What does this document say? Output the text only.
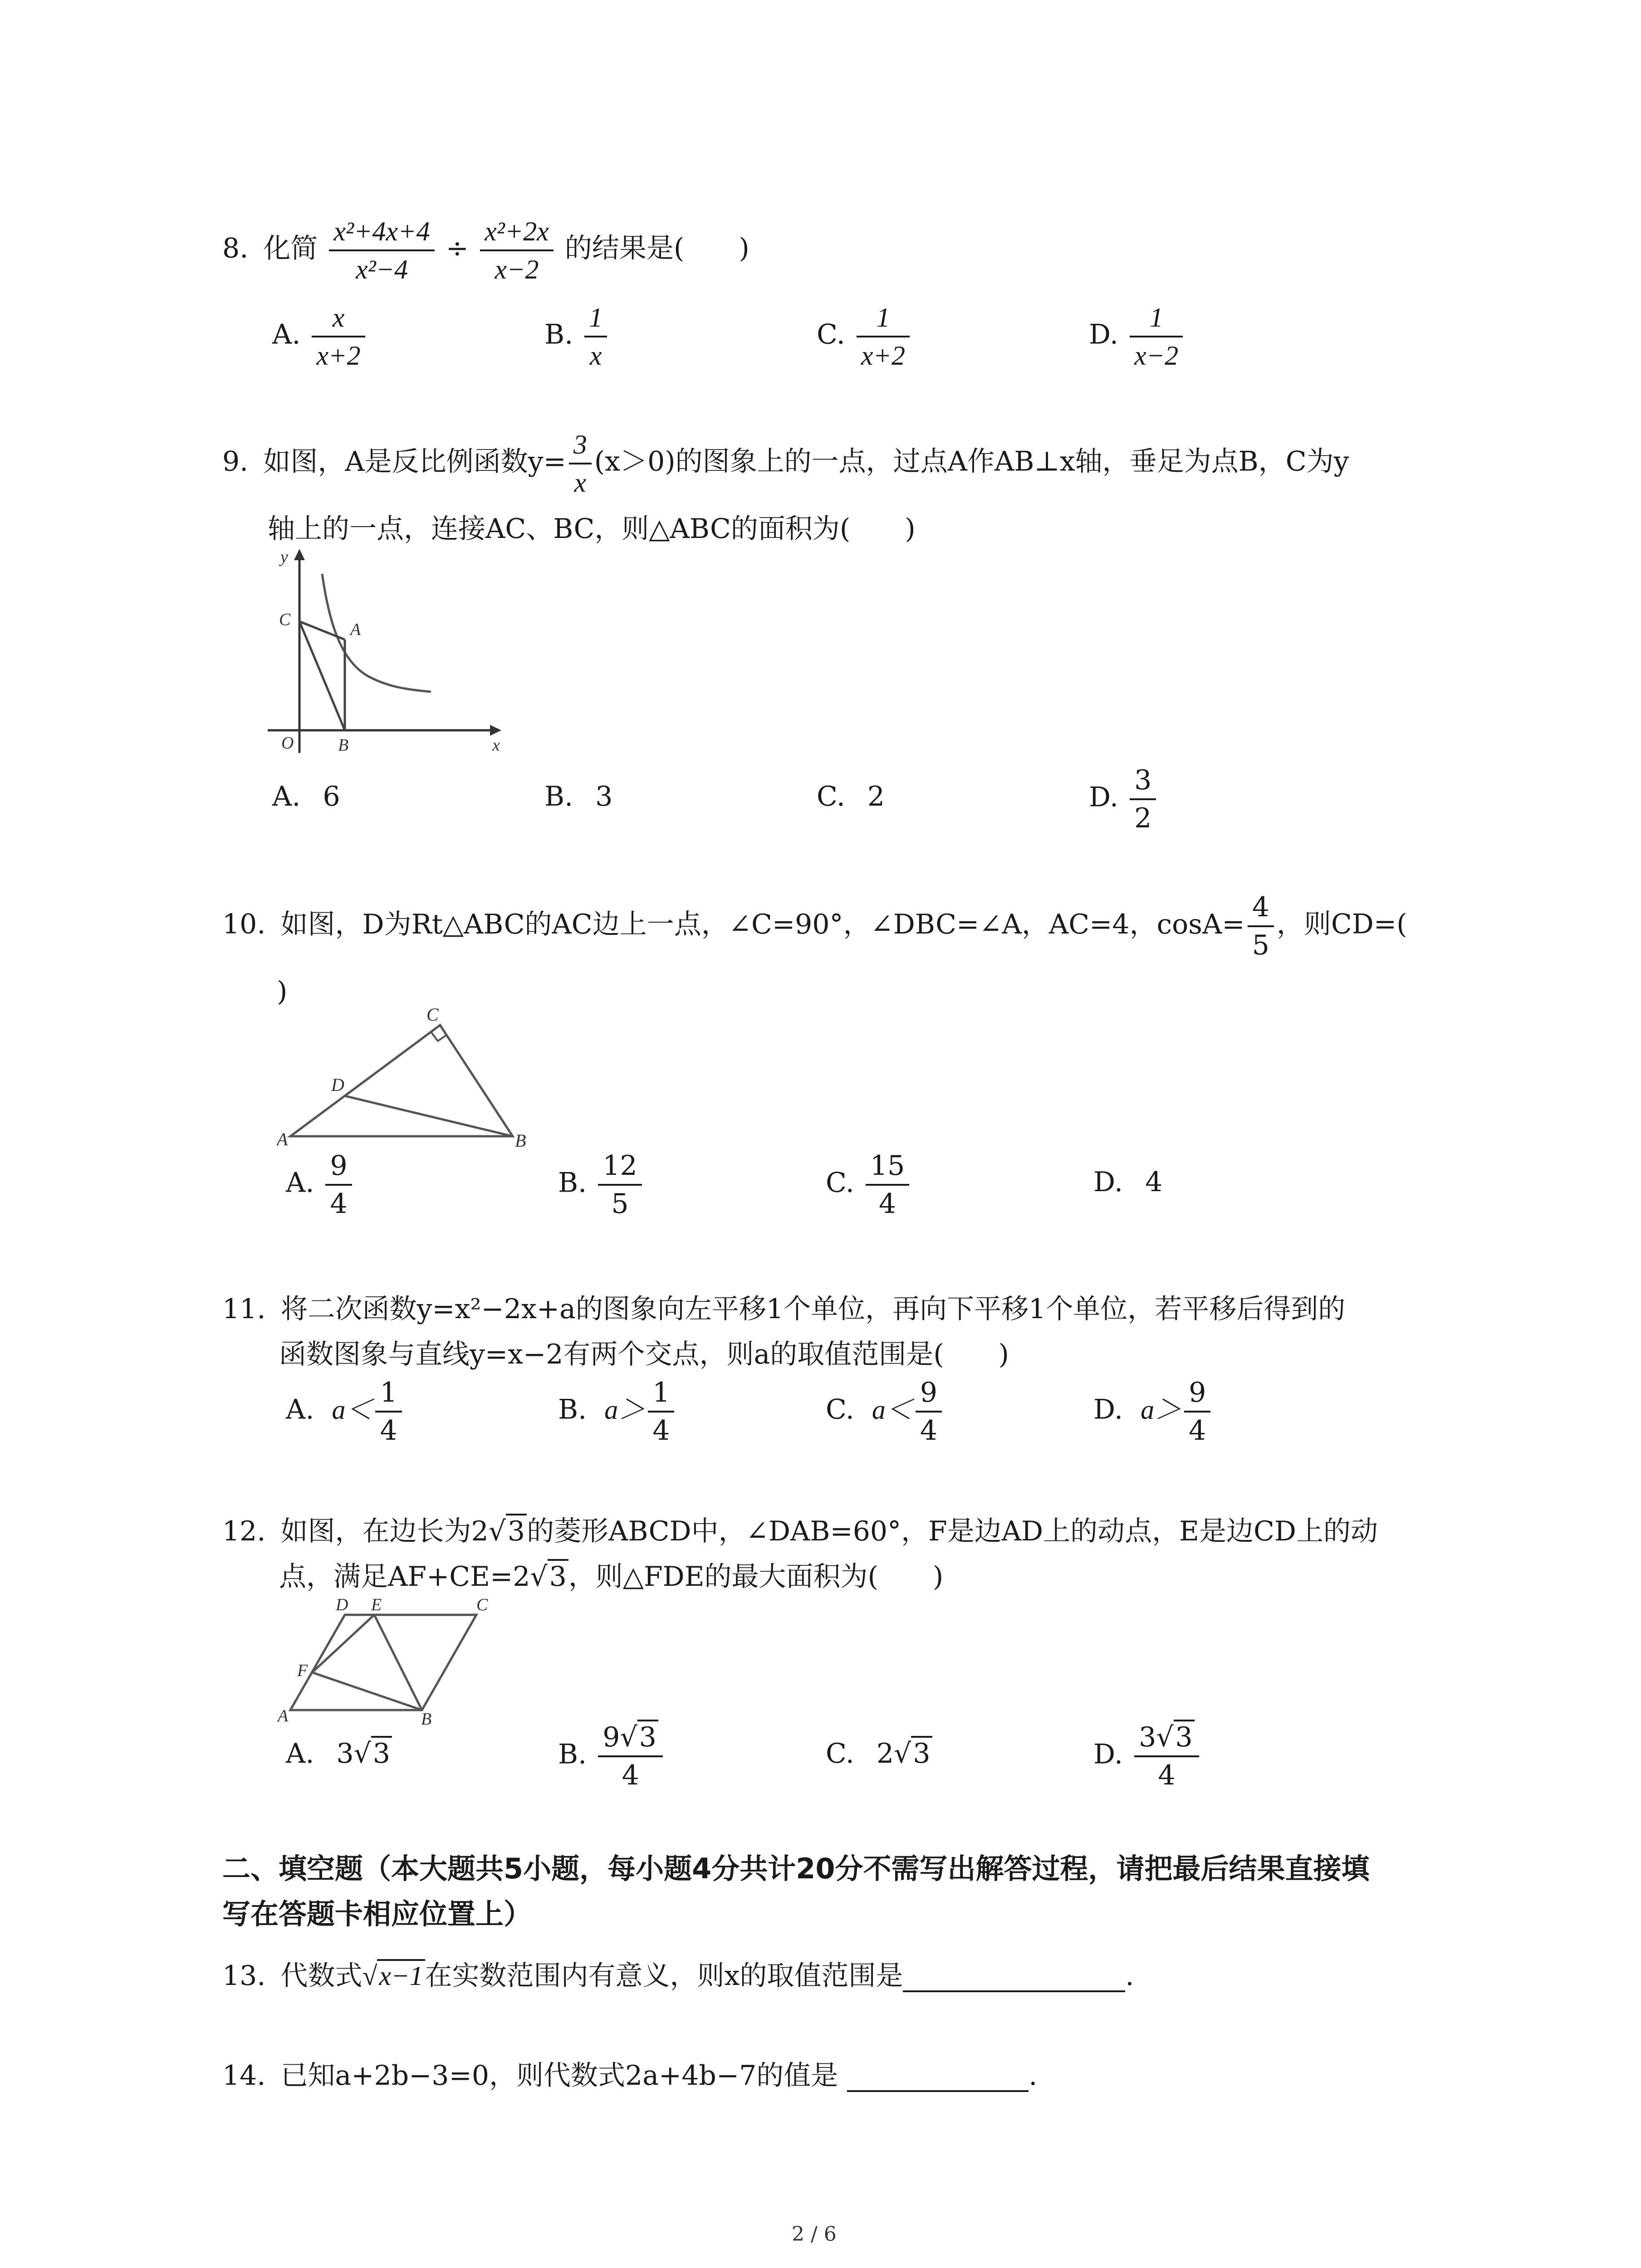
8. 化简 $\frac{\text{x²+4x+4}}{\text{x²−4}} \div \frac{\text{x²+2x}}{x-2}$ 的结果是(　　)
A. $\frac{x}{x+2}$	B. $\frac{1}{x}$	C. $\frac{1}{x+2}$	D. $\frac{1}{x-2}$
9. 如图，A是反比例函数$y= \frac{3}{x} (x>0)$的图象上的一点，过点A作AB⊥x轴，垂足为点B，C为y
轴上的一点，连接AC、BC，则△ABC的面积为(　　)
y
x
O	B
C
A
A. 6	B. 3	C. 2	D. $\frac{3}{2}$
10. 如图，D为Rt△ABC的AC边上一点，∠C=90°，∠DBC=∠A，AC=4，$\cos A= \frac{4}{5}$ ，则CD=(
)
A	B
C
D
A. $\frac{9}{4}$	B. $\frac{12}{5}$	C. $\frac{15}{4}$	D. 4
11. 将二次函数y=x²−2x+a的图象向左平移1个单位，再向下平移1个单位，若平移后得到的
函数图象与直线y=x−2有两个交点，则a的取值范围是(　　)
A. $a< \frac{1}{4}$	B. $a> \frac{1}{4}$	C. $a< \frac{9}{4}$	D. $a> \frac{9}{4}$
12. 如图，在边长为2√3的菱形ABCD中，∠DAB=60°，F是边AD上的动点，E是边CD上的动
点，满足AF+CE=2√3，则△FDE的最大面积为(　　)
A	B
C
D E
F
A. 3√3	B. $\frac{9√3}{4}$	C. 2√3	D. $\frac{3√3}{4}$
二、填空题（本大题共5小题，每小题4分共计20分不需写出解答过程，请把最后结果直接填
写在答题卡相应位置上）
13. 代数式√x−1在实数范围内有意义，则x的取值范围是	.
14. 已知a+2b−3=0，则代数式2a+4b−7的值是	.
2 / 6
